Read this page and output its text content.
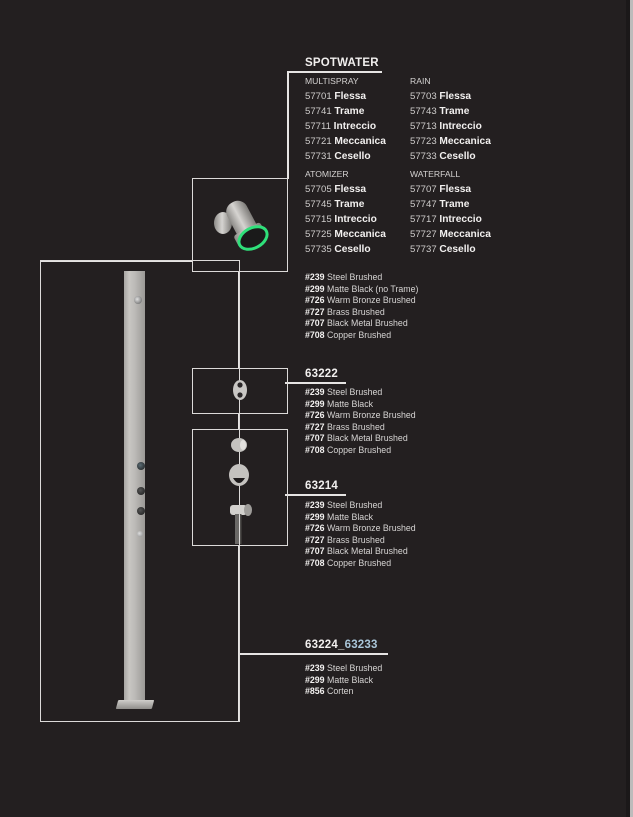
SPOTWATER
MULTISPRAY
57701 Flessa
57741 Trame
57711 Intreccio
57721 Meccanica
57731 Cesello
RAIN
57703 Flessa
57743 Trame
57713 Intreccio
57723 Meccanica
57733 Cesello
ATOMIZER
57705 Flessa
57745 Trame
57715 Intreccio
57725 Meccanica
57735 Cesello
WATERFALL
57707 Flessa
57747 Trame
57717 Intreccio
57727 Meccanica
57737 Cesello
#239 Steel Brushed
#299 Matte Black (no Trame)
#726 Warm Bronze Brushed
#727 Brass Brushed
#707 Black Metal Brushed
#708 Copper Brushed
63222
#239 Steel Brushed
#299 Matte Black
#726 Warm Bronze Brushed
#727 Brass Brushed
#707 Black Metal Brushed
#708 Copper Brushed
63214
#239 Steel Brushed
#299 Matte Black
#726 Warm Bronze Brushed
#727 Brass Brushed
#707 Black Metal Brushed
#708 Copper Brushed
63224_63233
#239 Steel Brushed
#299 Matte Black
#856 Corten
